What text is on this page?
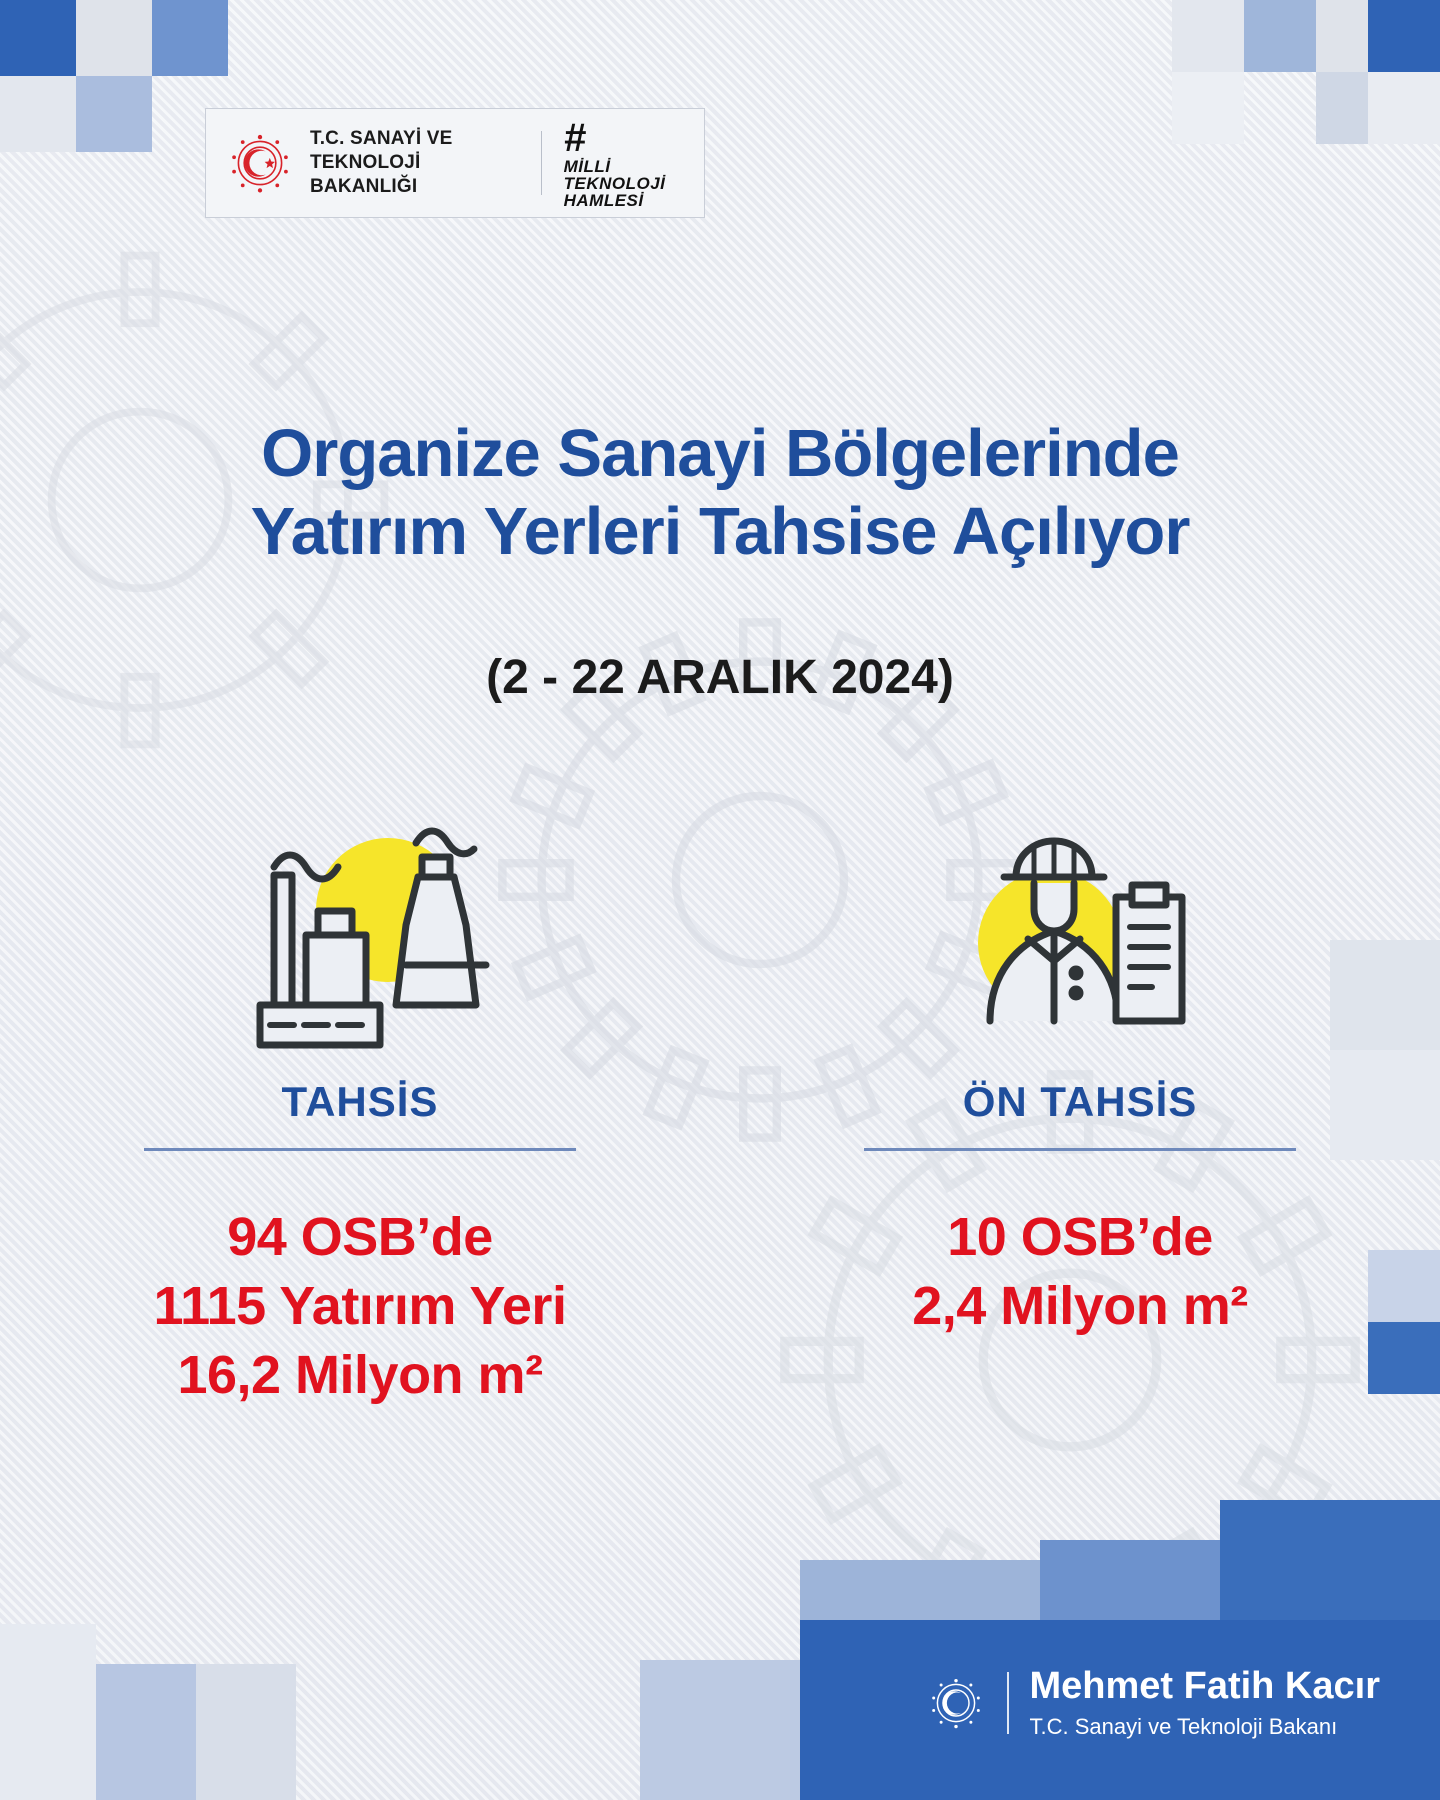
T.C. SANAYİ VE
TEKNOLOJİ BAKANLIĞI
#
MİLLİ
TEKNOLOJİ
HAMLESİ
Organize Sanayi Bölgelerinde
Yatırım Yerleri Tahsise Açılıyor
(2 - 22 ARALIK 2024)
TAHSİS
94 OSB’de
1115 Yatırım Yeri
16,2 Milyon m²
ÖN TAHSİS
10 OSB’de
2,4 Milyon m²
Mehmet Fatih Kacır
T.C. Sanayi ve Teknoloji Bakanı
